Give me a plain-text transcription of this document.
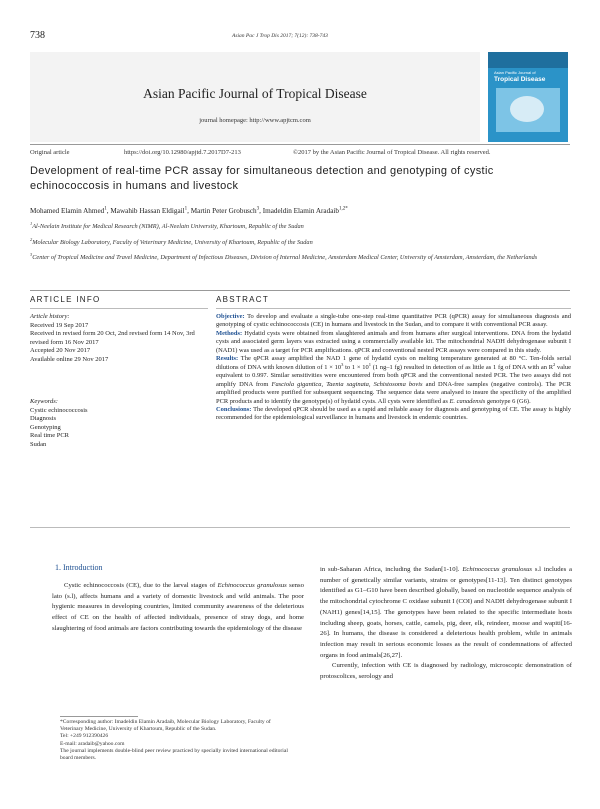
738	Asian Pac J Trop Dis 2017; 7(12): 738-743
Asian Pacific Journal of Tropical Disease
journal homepage: http://www.apjtcm.com
Asian Pacific Journal of
Tropical Disease
Original article	https://doi.org/10.12980/apjtd.7.2017D7-213	©2017 by the Asian Pacific Journal of Tropical Disease. All rights reserved.
Development of real-time PCR assay for simultaneous detection and genotyping of cystic echinococcosis in humans and livestock
Mohamed Elamin Ahmed$^1$, Mawahib Hassan Eldigail$^1$, Martin Peter Grobusch$^3$, Imadeldin Elamin Aradaib$^{1,2*}$
$^1$Al-Neelain Institute for Medical Research (NIMR), Al-Neelain University, Khartoum, Republic of the Sudan
$^2$Molecular Biology Laboratory, Faculty of Veterinary Medicine, University of Khartoum, Republic of the Sudan
$^3$Center of Tropical Medicine and Travel Medicine, Department of Infectious Diseases, Division of Internal Medicine, Amsterdam Medical Center, University of Amsterdam, Amsterdam, the Netherlands
ARTICLE INFO	ABSTRACT
Article history:
Received 19 Sep 2017
Received in revised form 20 Oct, 2nd revised form 14 Nov, 3rd revised form 16 Nov 2017
Accepted 20 Nov 2017
Available online 29 Nov 2017
Keywords:
Cystic echinococcosis
Diagnosis
Genotyping
Real time PCR
Sudan
Objective: To develop and evaluate a single-tube one-step real-time quantitative PCR (qPCR) assay for simultaneous diagnosis and genotyping of cystic echinococcosis (CE) in humans and livestock in the Sudan, and to compare it with conventional PCR assay.
Methods: Hydatid cysts were obtained from slaughtered animals and from humans after surgical interventions. DNA from the hydatid cysts and associated germ layers was extracted using a commercially available kit. The mitochondrial NADH dehydrogenase subunit I (NAD1) was used as a target for PCR amplifications. qPCR and conventional nested PCR assays were compared in this study.
Results: The qPCR assay amplified the NAD 1 gene of hydatid cysts on melting temperature generated at 80 °C. Ten-folds serial dilutions of DNA with known dilution of $1 \times 10^3$ to $1 \times 10^1$ (1 ng–1 fg) resulted in detection of as little as 1 fg of DNA with an $R^2$ value equivalent to 0.997. Similar sensitivities were encountered from both qPCR and the conventional nested PCR. The two assays did not amplify DNA from Fasciola gigantica, Taenia saginata, Schistosoma bovis and DNA-free samples (negative controls). The PCR amplified products were purified for subsequent sequencing. The sequence data were analysed to insure the specificity of the amplified PCR products and to identify the genotype(s) of hydatid cysts. All cysts were identified as E. canadensis genotype 6 (G6).
Conclusions: The developed qPCR should be used as a rapid and reliable assay for diagnosis and genotyping of CE. The assay is highly recommended for the epidemiological surveillance in humans and livestock in endemic countries.
1. Introduction

Cystic echinococcosis (CE), due to the larval stages of Echinococcus granulosus senso lato (s.l), affects humans and a variety of domestic livestock and wild animals. The poor hygienic measures in developing countries, limited community awareness of the deleterious effect of CE on the health of affected individuals, presence of stray dogs, and home slaughtering of food animals are factors contributing towards the epidemiology of the disease

in sub-Saharan Africa, including the Sudan[1-10]. Echinococcus granulosus s.l includes a number of genetically similar variants, strains or genotypes[11-13]. Ten distinct genotypes identified as G1–G10 have been described globally, based on nucleotide sequence analysis of the mitochondrial cytochrome C oxidase subunit I (COI) and NADH dehydrogenase subunit I (NAH1) genes[14,15]. The genotypes have been related to the specific intermediate hosts including sheep, goats, horses, cattle, camels, pig, deer, elk, reindeer, moose and wapiti[16-26]. In humans, the disease is considered a deleterious health problem, while in animals infection may result in serious economic losses as the result of condemnations of affected organs in food animals[26,27].

Currently, infection with CE is diagnosed by radiology, microscopic demonstration of protoscolices, serology and

*Corresponding author: Imadeldin Elamin Aradaib, Molecular Biology Laboratory, Faculty of Veterinary Medicine, University of Khartoum, Republic of the Sudan.
Tel: +249 912390426
E-mail: aradaib@yahoo.com
The journal implements double-blind peer review practiced by specially invited international editorial board members.
